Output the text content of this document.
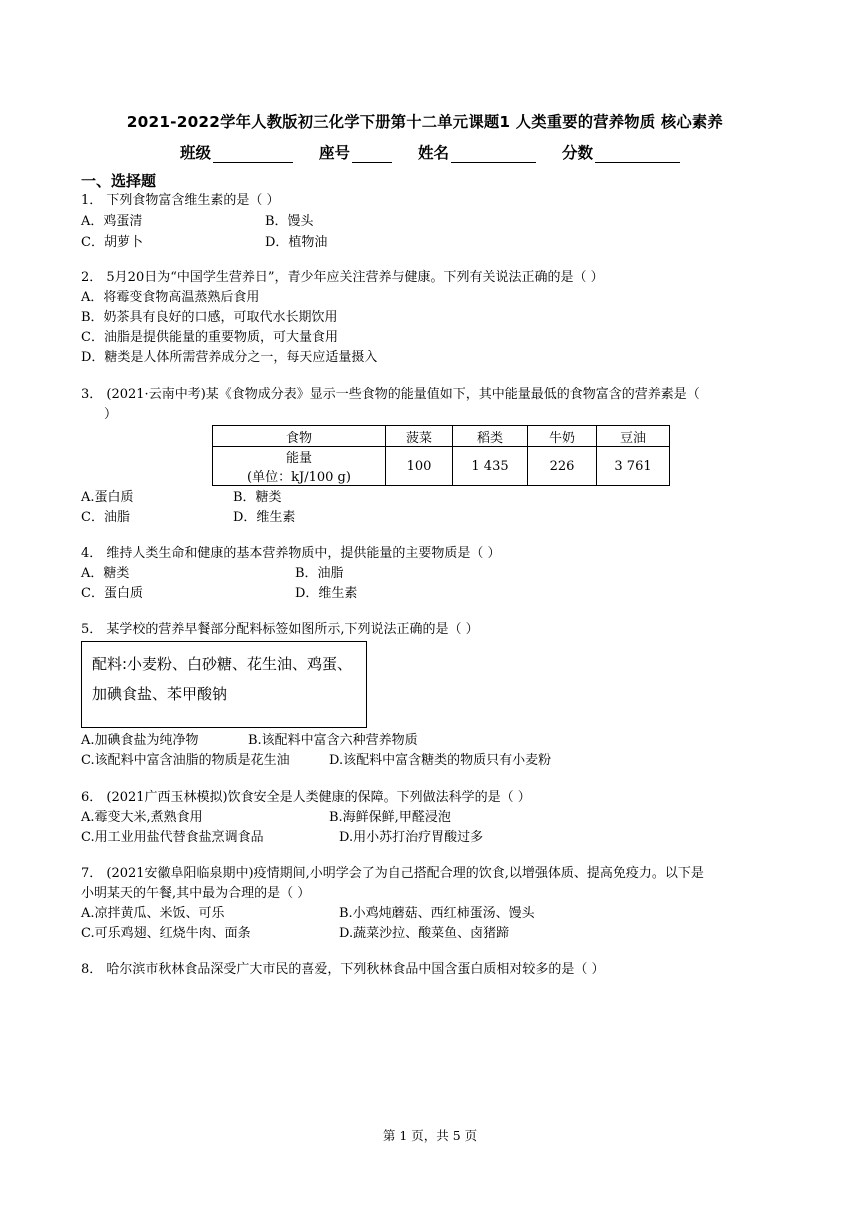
2021-2022学年人教版初三化学下册第十二单元课题1 人类重要的营养物质 核心素养
班级	座号	姓名	分数
一、选择题
1． 下列食物富含维生素的是（ ）
A．鸡蛋清	B．馒头
C．胡萝卜	D．植物油
2． 5月20日为“中国学生营养日”，青少年应关注营养与健康。下列有关说法正确的是（ ）
A．将霉变食物高温蒸熟后食用
B．奶茶具有良好的口感，可取代水长期饮用
C．油脂是提供能量的重要物质，可大量食用
D．糖类是人体所需营养成分之一，每天应适量摄入
3． (2021·云南中考)某《食物成分表》显示一些食物的能量值如下，其中能量最低的食物富含的营养素是（
）
食物	菠菜	稻类	牛奶	豆油

能量
(单位：kJ/100 g)	100	1 435	226	3 761
A.蛋白质	B．糖类
C．油脂	D．维生素
4． 维持人类生命和健康的基本营养物质中，提供能量的主要物质是（ ）
A．糖类	B．油脂
C．蛋白质	D．维生素
5． 某学校的营养早餐部分配料标签如图所示,下列说法正确的是（ ）
配料:小麦粉、白砂糖、花生油、鸡蛋、
加碘食盐、苯甲酸钠
A.加碘食盐为纯净物	B.该配料中富含六种营养物质
C.该配料中富含油脂的物质是花生油	D.该配料中富含糖类的物质只有小麦粉
6． (2021广西玉林模拟)饮食安全是人类健康的保障。下列做法科学的是（ ）
A.霉变大米,煮熟食用	B.海鲜保鲜,甲醛浸泡
C.用工业用盐代替食盐烹调食品	D.用小苏打治疗胃酸过多
7． (2021安徽阜阳临泉期中)疫情期间,小明学会了为自己搭配合理的饮食,以增强体质、提高免疫力。以下是
小明某天的午餐,其中最为合理的是（ ）
A.凉拌黄瓜、米饭、可乐	B.小鸡炖蘑菇、西红柿蛋汤、馒头
C.可乐鸡翅、红烧牛肉、面条	D.蔬菜沙拉、酸菜鱼、卤猪蹄
8． 哈尔滨市秋林食品深受广大市民的喜爱，下列秋林食品中国含蛋白质相对较多的是（ ）
第 1 页，共 5 页
